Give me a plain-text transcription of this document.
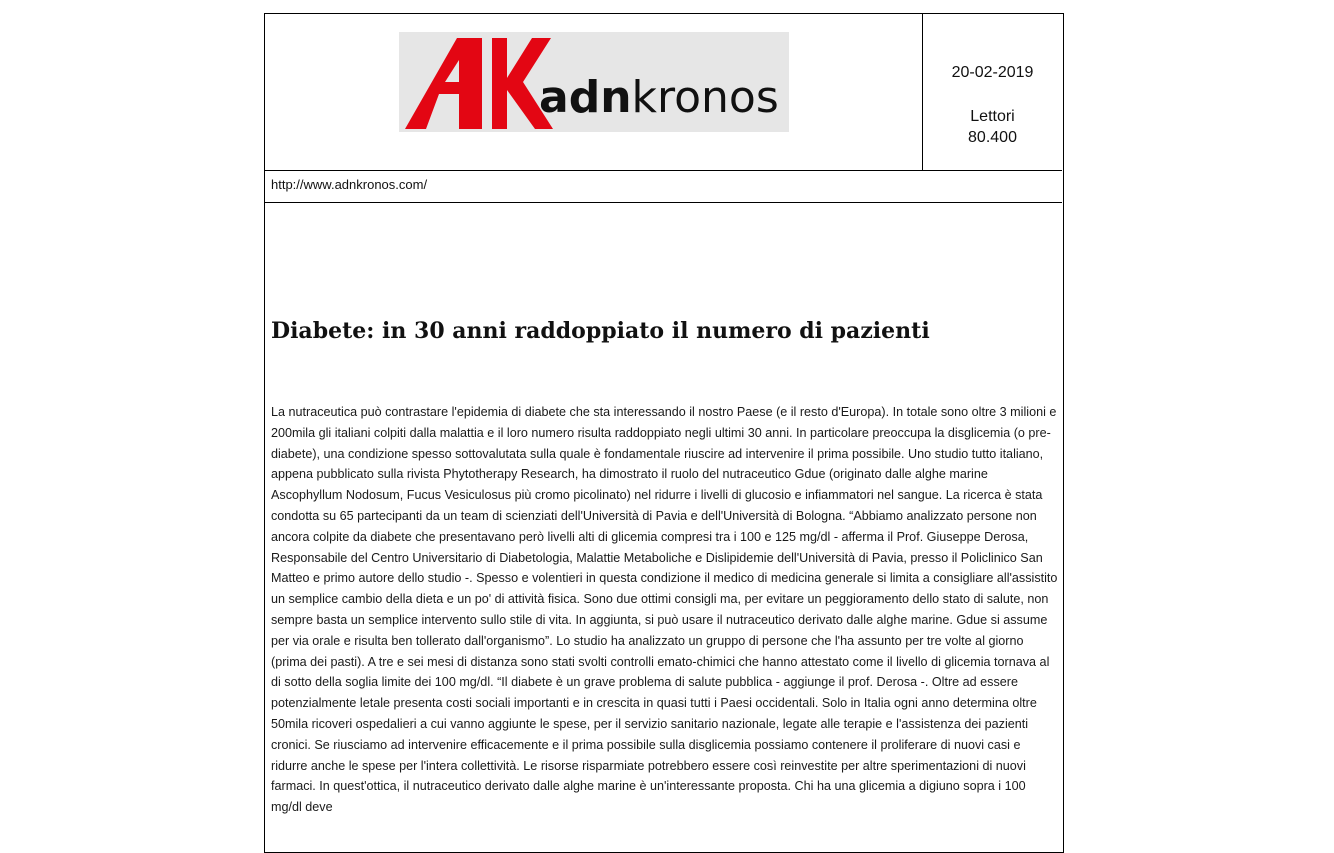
adnkronos	20-02-2019
Lettori
80.400
http://www.adnkronos.com/
Diabete: in 30 anni raddoppiato il numero di pazienti

La nutraceutica può contrastare l'epidemia di diabete che sta interessando il nostro Paese (e il resto d'Europa). In totale sono oltre 3 milioni e 200mila gli italiani colpiti dalla malattia e il loro numero risulta raddoppiato negli ultimi 30 anni. In particolare preoccupa la disglicemia (o pre-diabete), una condizione spesso sottovalutata sulla quale è fondamentale riuscire ad intervenire il prima possibile. Uno studio tutto italiano, appena pubblicato sulla rivista Phytotherapy Research, ha dimostrato il ruolo del nutraceutico Gdue (originato dalle alghe marine Ascophyllum Nodosum, Fucus Vesiculosus più cromo picolinato) nel ridurre i livelli di glucosio e infiammatori nel sangue. La ricerca è stata condotta su 65 partecipanti da un team di scienziati dell'Università di Pavia e dell'Università di Bologna. “Abbiamo analizzato persone non ancora colpite da diabete che presentavano però livelli alti di glicemia compresi tra i 100 e 125 mg/dl - afferma il Prof. Giuseppe Derosa, Responsabile del Centro Universitario di Diabetologia, Malattie Metaboliche e Dislipidemie dell'Università di Pavia, presso il Policlinico San Matteo e primo autore dello studio -. Spesso e volentieri in questa condizione il medico di medicina generale si limita a consigliare all'assistito un semplice cambio della dieta e un po' di attività fisica. Sono due ottimi consigli ma, per evitare un peggioramento dello stato di salute, non sempre basta un semplice intervento sullo stile di vita. In aggiunta, si può usare il nutraceutico derivato dalle alghe marine. Gdue si assume per via orale e risulta ben tollerato dall'organismo”. Lo studio ha analizzato un gruppo di persone che l'ha assunto per tre volte al giorno (prima dei pasti). A tre e sei mesi di distanza sono stati svolti controlli emato-chimici che hanno attestato come il livello di glicemia tornava al di sotto della soglia limite dei 100 mg/dl. “Il diabete è un grave problema di salute pubblica - aggiunge il prof. Derosa -. Oltre ad essere potenzialmente letale presenta costi sociali importanti e in crescita in quasi tutti i Paesi occidentali. Solo in Italia ogni anno determina oltre 50mila ricoveri ospedalieri a cui vanno aggiunte le spese, per il servizio sanitario nazionale, legate alle terapie e l'assistenza dei pazienti cronici. Se riusciamo ad intervenire efficacemente e il prima possibile sulla disglicemia possiamo contenere il proliferare di nuovi casi e ridurre anche le spese per l'intera collettività. Le risorse risparmiate potrebbero essere così reinvestite per altre sperimentazioni di nuovi farmaci. In quest'ottica, il nutraceutico derivato dalle alghe marine è un'interessante proposta. Chi ha una glicemia a digiuno sopra i 100 mg/dl deve
